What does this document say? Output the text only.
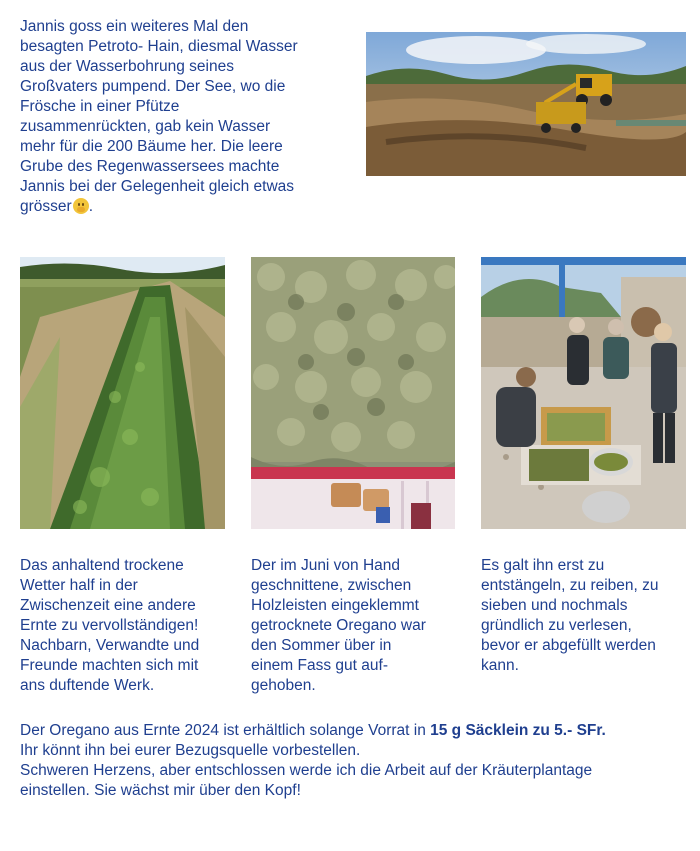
Jannis goss ein weiteres Mal den
besagten Petroto- Hain, diesmal Wasser
aus der Wasserbohrung seines
Großvaters pumpend. Der See, wo die
Frösche in einer Pfütze
zusammenrückten, gab kein Wasser
mehr für die 200 Bäume her. Die leere
Grube des Regenwassersees machte
Jannis bei der Gelegenheit gleich etwas
grösser .
Das anhaltend trockene
Wetter half in der
Zwischenzeit eine andere
Ernte zu vervollständigen!
Nachbarn, Verwandte und
Freunde machten sich mit
ans duftende Werk.
Der im Juni von Hand
geschnittene, zwischen
Holzleisten eingeklemmt
getrocknete Oregano war
den Sommer über in
einem Fass gut auf-
gehoben.
Es galt ihn erst zu
entstängeln, zu reiben, zu
sieben und nochmals
gründlich zu verlesen,
bevor er abgefüllt werden
kann.
Der Oregano aus Ernte 2024 ist erhältlich solange Vorrat in 15 g Säcklein zu 5.- SFr.
Ihr könnt ihn bei eurer Bezugsquelle vorbestellen.
Schweren Herzens, aber entschlossen werde ich die Arbeit auf der Kräuterplantage
einstellen. Sie wächst mir über den Kopf!
